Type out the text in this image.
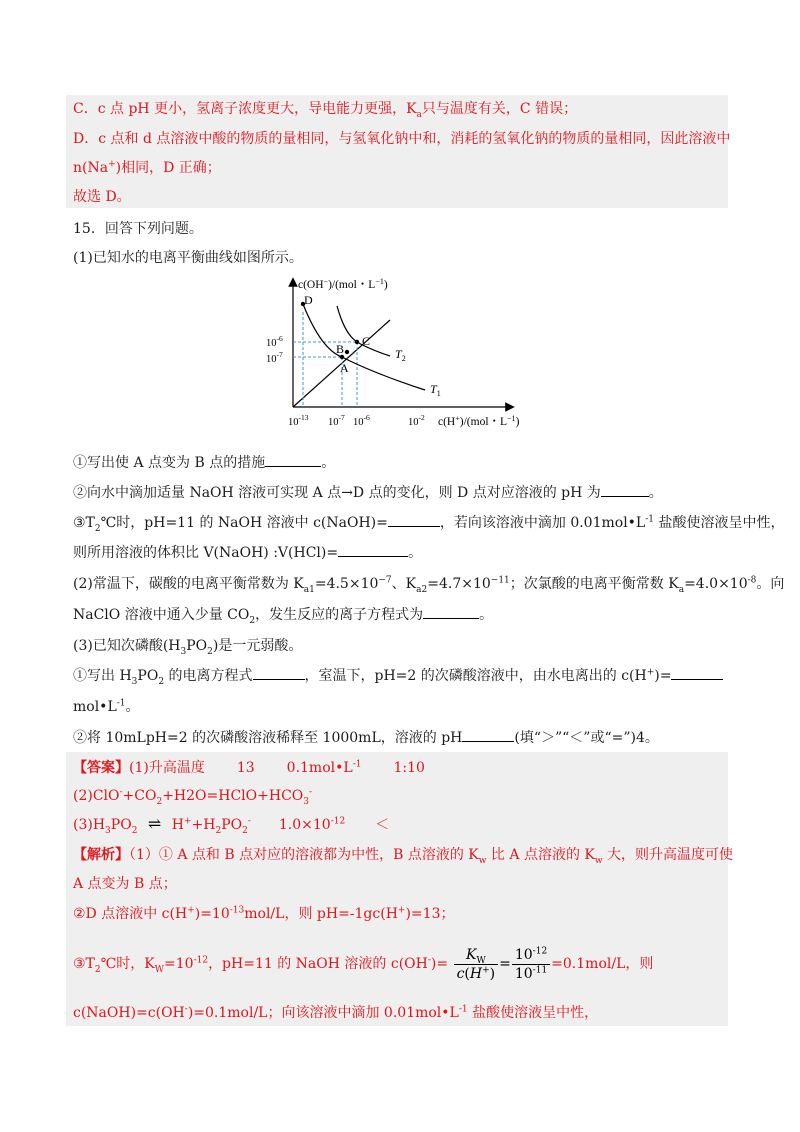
C．c 点 pH 更小，氢离子浓度更大，导电能力更强，$K_a$只与温度有关，C 错误；
D．c 点和 d 点溶液中酸的物质的量相同，与氢氧化钠中和，消耗的氢氧化钠的物质的量相同，因此溶液中
n(Na+)相同，D 正确；
故选 D。
15．回答下列问题。
(1)已知水的电离平衡曲线如图所示。
c(OH−)/(mol・$L^{-1}$)
D
B
C
A
$T_2$
$T_1$
$10^{-6}$
$10^{-7}$
$10^{-13}$ $10^{-7}$ $10^{-6}$	$10^{-2}$ c(H+)/(mol・$L^{-1}$)
①写出使 A 点变为 B 点的措施	。
②向水中滴加适量 NaOH 溶液可实现 A 点→D 点的变化，则 D 点对应溶液的 pH 为	。
$③T_2℃$时，pH=11 的 NaOH 溶液中 c(NaOH)=	，若向该溶液中滴加 $0.01mol•L^{-1}$ 盐酸使溶液呈中性，
则所用溶液的体积比 V(NaOH) :V(HCl)=	。
(2)常温下，碳酸的电离平衡常数为 $K_{a1}=4.5\times 10^{-7}$、$K_{a2}=4.7\times 10^{-11}$；次氯酸的电离平衡常数 $K_a=4.0\times 10^{-8}$。向
NaClO 溶液中通入少量 $CO_2$，发生反应的离子方程式为	。
(3)已知次磷酸$(H_3PO_2)$是一元弱酸。
①写出 $H_3PO_2$ 的电离方程式	，室温下，pH=2 的次磷酸溶液中，由水电离出的 c(H+)=
$mol•L^{-1}$。
②将 10mLpH=2 的次磷酸溶液稀释至 1000mL，溶液的 pH	(填“＞”“＜”或“=”)4。
【答案】(1)升高温度 13 $0.1mol•L^{-1}$ 1:10
$(2)ClO^-+CO_2+H2O=HClO+HCO_3^-$
$(3)H_3PO_2$ ⇌ $H^++H_2PO_2^-$ $1.0\times 10^{-12}$ ＜
【解析】（1）① A 点和 B 点对应的溶液都为中性，B 点溶液的 $K_w$ 比 A 点溶液的 $K_w$ 大，则升高温度可使
A 点变为 B 点；
②D 点溶液中 $c(H^+)=10^{-13}mol/L$，则 pH=-1gc(H+)=13；
$③T_2℃$时，$K_W=10^{-12}$，pH=11 的 NaOH 溶液的 $c(OH^-)= \frac{K_W}{c(H^+)} = \frac{10^{-12}}{10^{-11}} =0.1mol/L$，则
c(NaOH)=c(OH-)=0.1mol/L；向该溶液中滴加 $0.01mol•L^{-1}$ 盐酸使溶液呈中性，
